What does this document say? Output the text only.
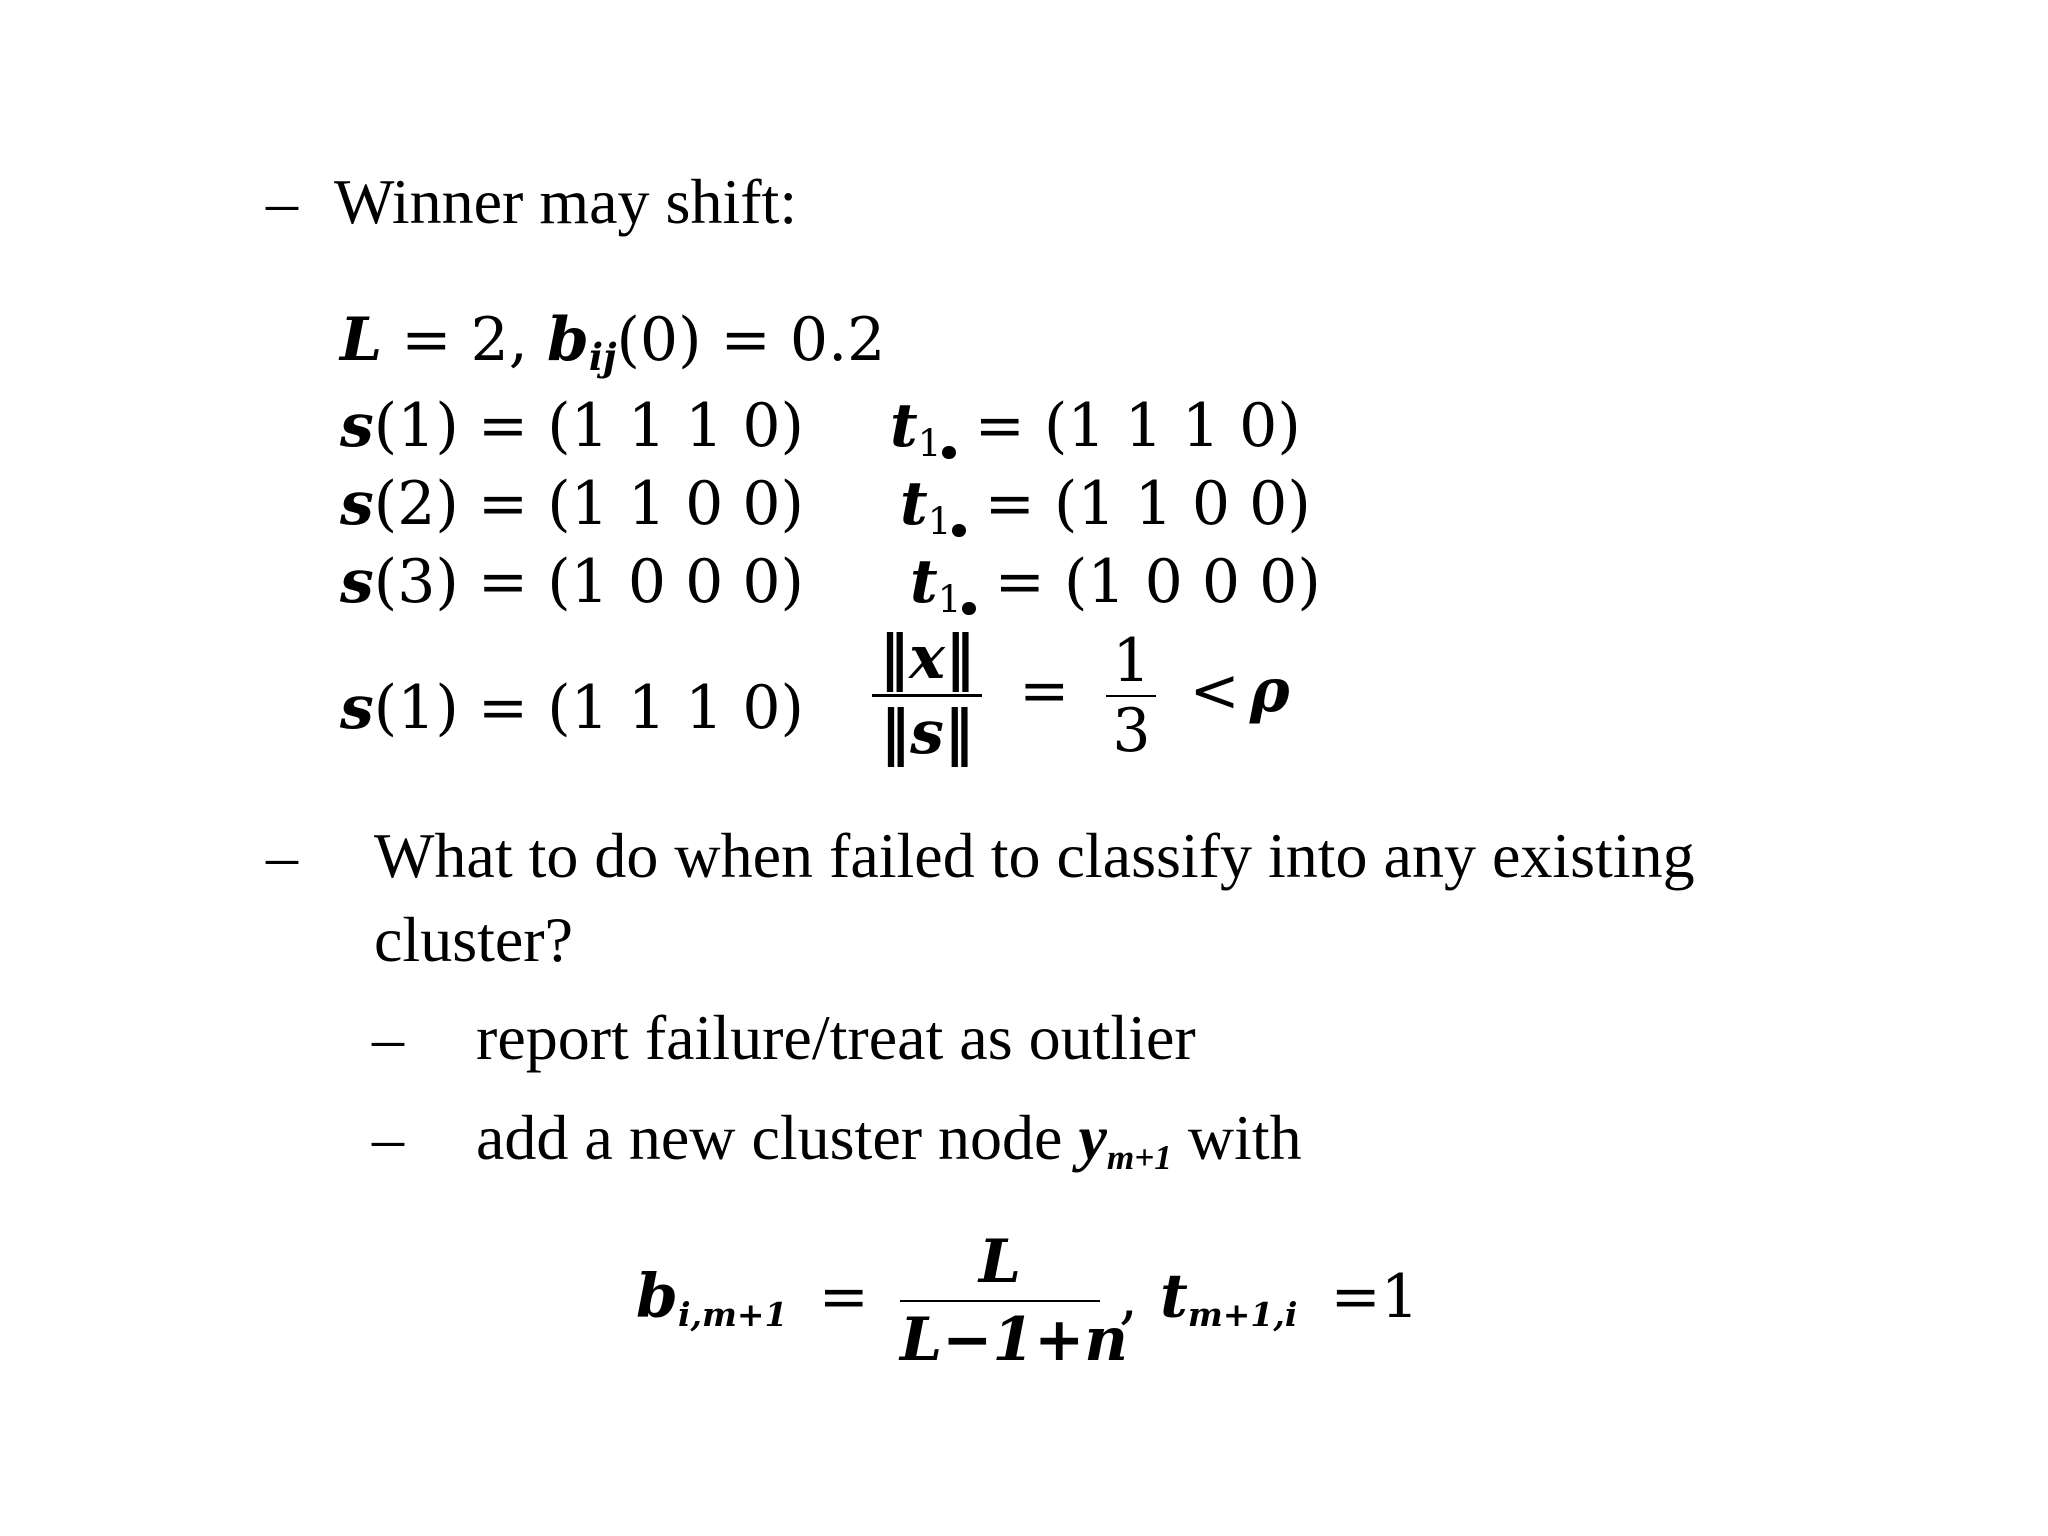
– Winner may shift:
L = 2, bij(0) = 0.2
s(1) = (1 1 1 0) t1 = (1 1 1 0)
s(2) = (1 1 0 0) t1 = (1 1 0 0)
s(3) = (1 0 0 0) t1 = (1 0 0 0)
s(1) = (1 1 1 $0) \frac{‖x‖}{‖s‖} = \frac{1}{3} < \rho$
– What to do when failed to classify into any existing
cluster?
– report failure/treat as outlier
– add a new cluster node ym+1 with
$bi,m+1 = \frac{L}{L-1+n}$ , tm+1,i =1
